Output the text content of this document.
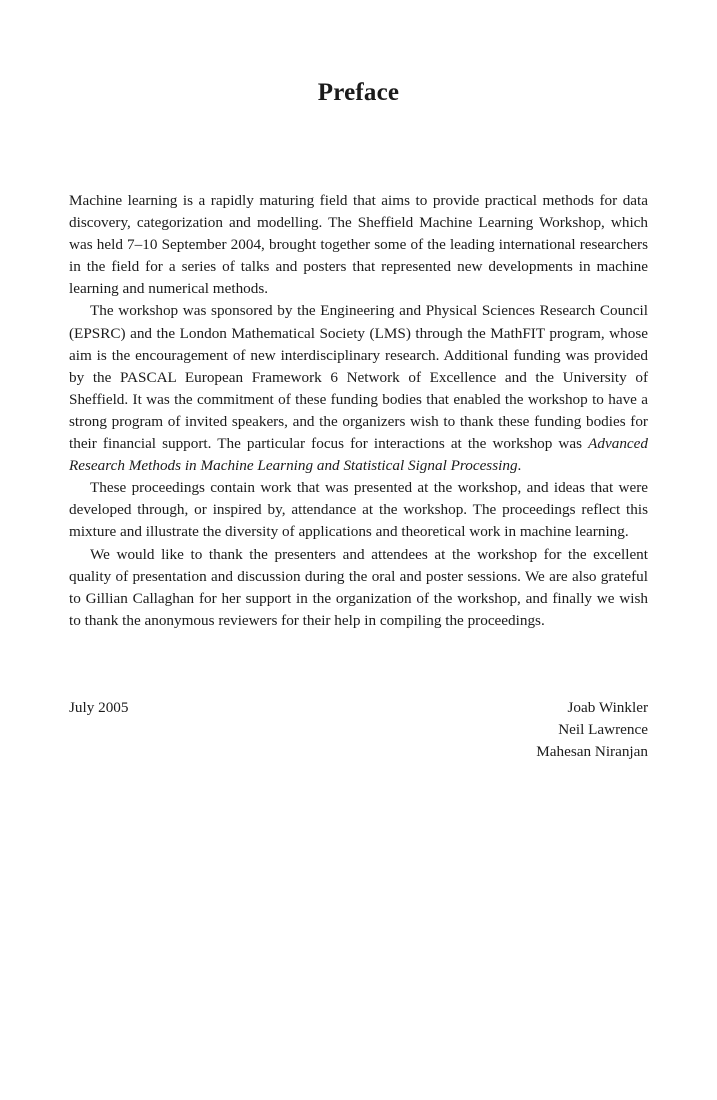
Preface

Machine learning is a rapidly maturing field that aims to provide practical methods for data discovery, categorization and modelling. The Sheffield Machine Learning Workshop, which was held 7–10 September 2004, brought together some of the leading international researchers in the field for a series of talks and posters that represented new developments in machine learning and numerical methods.

The workshop was sponsored by the Engineering and Physical Sciences Research Council (EPSRC) and the London Mathematical Society (LMS) through the MathFIT program, whose aim is the encouragement of new interdisciplinary research. Additional funding was provided by the PASCAL European Framework 6 Network of Excellence and the University of Sheffield. It was the commitment of these funding bodies that enabled the workshop to have a strong program of invited speakers, and the organizers wish to thank these funding bodies for their financial support. The particular focus for interactions at the workshop was Advanced Research Methods in Machine Learning and Statistical Signal Processing.

These proceedings contain work that was presented at the workshop, and ideas that were developed through, or inspired by, attendance at the workshop. The proceedings reflect this mixture and illustrate the diversity of applications and theoretical work in machine learning.

We would like to thank the presenters and attendees at the workshop for the excellent quality of presentation and discussion during the oral and poster sessions. We are also grateful to Gillian Callaghan for her support in the organization of the workshop, and finally we wish to thank the anonymous reviewers for their help in compiling the proceedings.

July 2005	Joab Winkler
Neil Lawrence
Mahesan Niranjan
